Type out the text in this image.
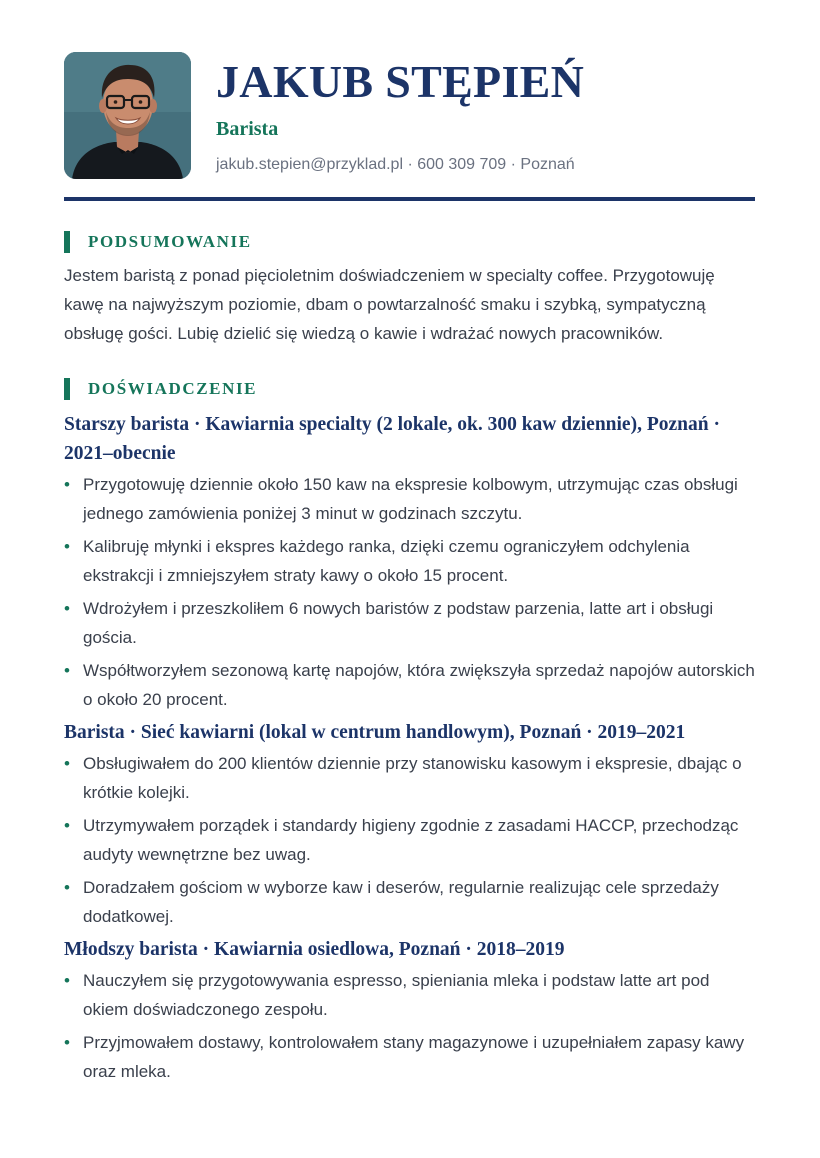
JAKUB STĘPIEŃ
Barista
jakub.stepien@przyklad.pl · 600 309 709 · Poznań
PODSUMOWANIE
Jestem baristą z ponad pięcioletnim doświadczeniem w specialty coffee. Przygotowuję kawę na najwyższym poziomie, dbam o powtarzalność smaku i szybką, sympatyczną obsługę gości. Lubię dzielić się wiedzą o kawie i wdrażać nowych pracowników.
DOŚWIADCZENIE
Starszy barista · Kawiarnia specialty (2 lokale, ok. 300 kaw dziennie), Poznań · 2021–obecnie
• Przygotowuję dziennie około 150 kaw na ekspresie kolbowym, utrzymując czas obsługi jednego zamówienia poniżej 3 minut w godzinach szczytu.
• Kalibruję młynki i ekspres każdego ranka, dzięki czemu ograniczyłem odchylenia ekstrakcji i zmniejszyłem straty kawy o około 15 procent.
• Wdrożyłem i przeszkoliłem 6 nowych baristów z podstaw parzenia, latte art i obsługi gościa.
• Współtworzyłem sezonową kartę napojów, która zwiększyła sprzedaż napojów autorskich o około 20 procent.
Barista · Sieć kawiarni (lokal w centrum handlowym), Poznań · 2019–2021
• Obsługiwałem do 200 klientów dziennie przy stanowisku kasowym i ekspresie, dbając o krótkie kolejki.
• Utrzymywałem porządek i standardy higieny zgodnie z zasadami HACCP, przechodząc audyty wewnętrzne bez uwag.
• Doradzałem gościom w wyborze kaw i deserów, regularnie realizując cele sprzedaży dodatkowej.
Młodszy barista · Kawiarnia osiedlowa, Poznań · 2018–2019
• Nauczyłem się przygotowywania espresso, spieniania mleka i podstaw latte art pod okiem doświadczonego zespołu.
• Przyjmowałem dostawy, kontrolowałem stany magazynowe i uzupełniałem zapasy kawy oraz mleka.
